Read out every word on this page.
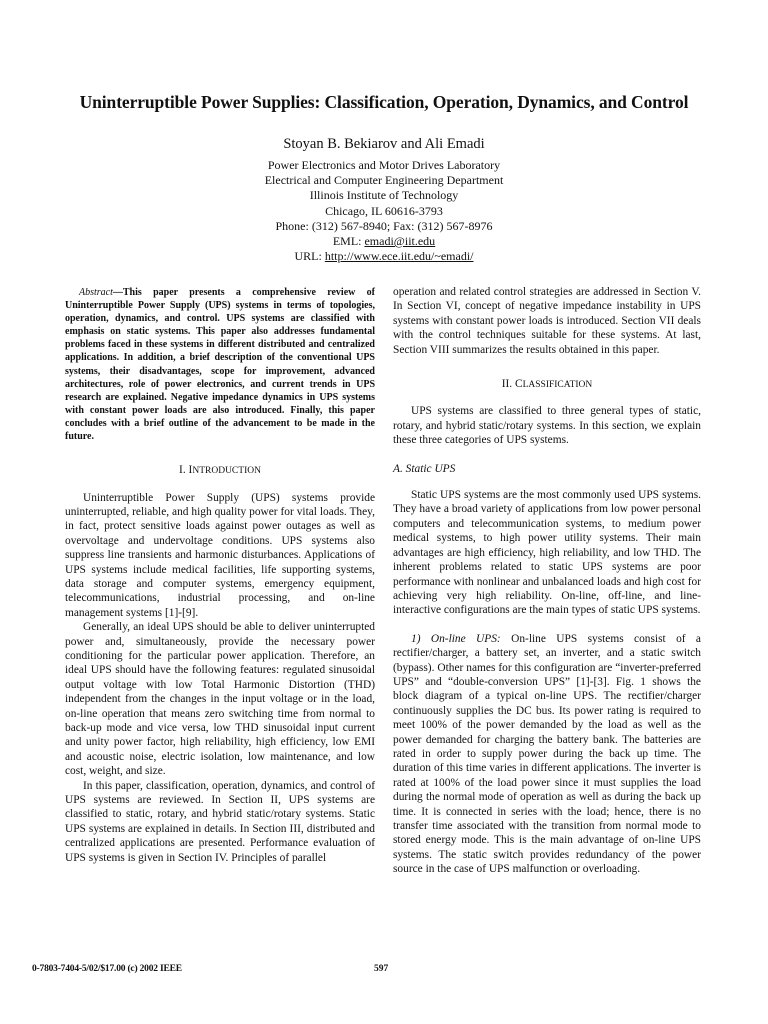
Uninterruptible Power Supplies: Classification, Operation, Dynamics, and Control
Stoyan B. Bekiarov and Ali Emadi
Power Electronics and Motor Drives Laboratory
Electrical and Computer Engineering Department
Illinois Institute of Technology
Chicago, IL 60616-3793
Phone: (312) 567-8940; Fax: (312) 567-8976
EML: emadi@iit.edu
URL: http://www.ece.iit.edu/~emadi/

Abstract—This paper presents a comprehensive review of Uninterruptible Power Supply (UPS) systems in terms of topologies, operation, dynamics, and control. UPS systems are classified with emphasis on static systems. This paper also addresses fundamental problems faced in these systems in different distributed and centralized applications. In addition, a brief description of the conventional UPS systems, their disadvantages, scope for improvement, advanced architectures, role of power electronics, and current trends in UPS research are explained. Negative impedance dynamics in UPS systems with constant power loads are also introduced. Finally, this paper concludes with a brief outline of the advancement to be made in the future.

I. INTRODUCTION

Uninterruptible Power Supply (UPS) systems provide uninterrupted, reliable, and high quality power for vital loads. They, in fact, protect sensitive loads against power outages as well as overvoltage and undervoltage conditions. UPS systems also suppress line transients and harmonic disturbances. Applications of UPS systems include medical facilities, life supporting systems, data storage and computer systems, emergency equipment, telecommunications, industrial processing, and on-line management systems [1]-[9].

Generally, an ideal UPS should be able to deliver uninterrupted power and, simultaneously, provide the necessary power conditioning for the particular power application. Therefore, an ideal UPS should have the following features: regulated sinusoidal output voltage with low Total Harmonic Distortion (THD) independent from the changes in the input voltage or in the load, on-line operation that means zero switching time from normal to back-up mode and vice versa, low THD sinusoidal input current and unity power factor, high reliability, high efficiency, low EMI and acoustic noise, electric isolation, low maintenance, and low cost, weight, and size.

In this paper, classification, operation, dynamics, and control of UPS systems are reviewed. In Section II, UPS systems are classified to static, rotary, and hybrid static/rotary systems. Static UPS systems are explained in details. In Section III, distributed and centralized applications are presented. Performance evaluation of UPS systems is given in Section IV. Principles of parallel

operation and related control strategies are addressed in Section V. In Section VI, concept of negative impedance instability in UPS systems with constant power loads is introduced. Section VII deals with the control techniques suitable for these systems. At last, Section VIII summarizes the results obtained in this paper.

II. CLASSIFICATION

UPS systems are classified to three general types of static, rotary, and hybrid static/rotary systems. In this section, we explain these three categories of UPS systems.

A. Static UPS

Static UPS systems are the most commonly used UPS systems. They have a broad variety of applications from low power personal computers and telecommunication systems, to medium power medical systems, to high power utility systems. Their main advantages are high efficiency, high reliability, and low THD. The inherent problems related to static UPS systems are poor performance with nonlinear and unbalanced loads and high cost for achieving very high reliability. On-line, off-line, and line-interactive configurations are the main types of static UPS systems.

1) On-line UPS: On-line UPS systems consist of a rectifier/charger, a battery set, an inverter, and a static switch (bypass). Other names for this configuration are “inverter-preferred UPS” and “double-conversion UPS” [1]-[3]. Fig. 1 shows the block diagram of a typical on-line UPS. The rectifier/charger continuously supplies the DC bus. Its power rating is required to meet 100% of the power demanded by the load as well as the power demanded for charging the battery bank. The batteries are rated in order to supply power during the back up time. The duration of this time varies in different applications. The inverter is rated at 100% of the load power since it must supplies the load during the normal mode of operation as well as during the back up time. It is connected in series with the load; hence, there is no transfer time associated with the transition from normal mode to stored energy mode. This is the main advantage of on-line UPS systems. The static switch provides redundancy of the power source in the case of UPS malfunction or overloading.

0-7803-7404-5/02/$17.00 (c) 2002 IEEE	597
